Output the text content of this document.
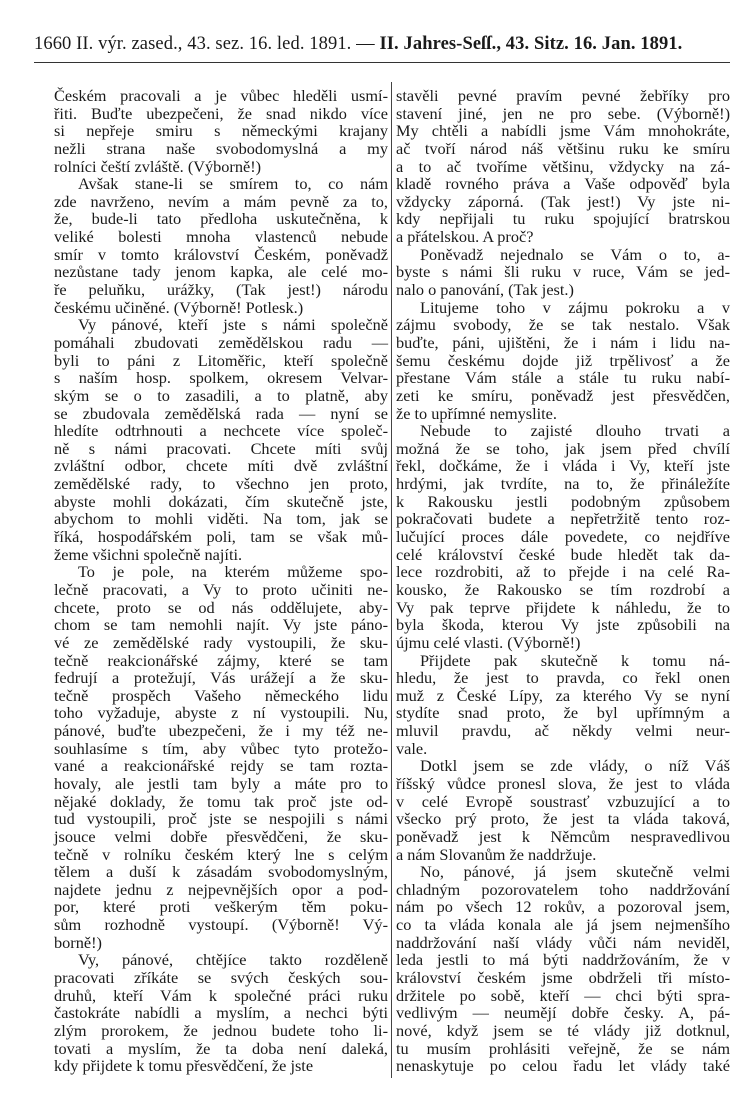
1660 II. výr. zased., 43. sez. 16. led. 1891. — II. Jahres-Seſſ., 43. Sitz. 16. Jan. 1891.
Českém pracovali a je vůbec hleděli usmí-
řiti. Buďte ubezpečeni, že snad nikdo více
si nepřeje smiru s německými krajany
nežli strana naše svobodomyslná a my
rolníci čeští zvláště. (Výborně!)
Avšak stane-li se smírem to, co nám
zde navrženo, nevím a mám pevně za to,
že, bude-li tato předloha uskutečněna, k
veliké bolesti mnoha vlastenců nebude
smír v tomto království Českém, poněvadž
nezůstane tady jenom kapka, ale celé mo-
ře peluňku, urážky, (Tak jest!) národu
českému učiněné. (Výborně! Potlesk.)
Vy pánové, kteří jste s námi společně
pomáhali zbudovati zemědělskou radu —
byli to páni z Litoměřic, kteří společně
s naším hosp. spolkem, okresem Velvar-
ským se o to zasadili, a to platně, aby
se zbudovala zemědělská rada — nyní se
hledíte odtrhnouti a nechcete více společ-
ně s námi pracovati. Chcete míti svůj
zvláštní odbor, chcete míti dvě zvláštní
zemědělské rady, to všechno jen proto,
abyste mohli dokázati, čím skutečně jste,
abychom to mohli viděti. Na tom, jak se
říká, hospodářském poli, tam se však mů-
žeme všichni společně najíti.
To je pole, na kterém můžeme spo-
lečně pracovati, a Vy to proto učiniti ne-
chcete, proto se od nás oddělujete, aby-
chom se tam nemohli najít. Vy jste páno-
vé ze zemědělské rady vystoupili, že sku-
tečně reakcionářské zájmy, které se tam
fedrují a protežují, Vás urážejí a že sku-
tečně prospěch Vašeho německého lidu
toho vyžaduje, abyste z ní vystoupili. Nu,
pánové, buďte ubezpečeni, že i my též ne-
souhlasíme s tím, aby vůbec tyto protežo-
vané a reakcionářské rejdy se tam rozta-
hovaly, ale jestli tam byly a máte pro to
nějaké doklady, že tomu tak proč jste od-
tud vystoupili, proč jste se nespojili s námi
jsouce velmi dobře přesvědčeni, že sku-
tečně v rolníku českém který lne s celým
tělem a duší k zásadám svobodomyslným,
najdete jednu z nejpevnějších opor a pod-
por, které proti veškerým těm poku-
sům rozhodně vystoupí. (Výborně! Vý-
borně!)
Vy, pánové, chtějíce takto rozděleně
pracovati zříkáte se svých českých sou-
druhů, kteří Vám k společné práci ruku
častokráte nabídli a myslím, a nechci býti
zlým prorokem, že jednou budete toho li-
tovati a myslím, že ta doba není daleká,
kdy přijdete k tomu přesvědčení, že jste
stavěli pevné pravím pevné žebříky pro
stavení jiné, jen ne pro sebe. (Výborně!)
My chtěli a nabídli jsme Vám mnohokráte,
ač tvoří národ náš většinu ruku ke smíru
a to ač tvoříme většinu, vždycky na zá-
kladě rovného práva a Vaše odpověď byla
vždycky záporná. (Tak jest!) Vy jste ni-
kdy nepřijali tu ruku spojující bratrskou
a přátelskou. A proč?
Poněvadž nejednalo se Vám o to, a-
byste s námi šli ruku v ruce, Vám se jed-
nalo o panování, (Tak jest.)
Litujeme toho v zájmu pokroku a v
zájmu svobody, že se tak nestalo. Však
buďte, páni, ujištěni, že i nám i lidu na-
šemu českému dojde již trpělivosť a že
přestane Vám stále a stále tu ruku nabí-
zeti ke smíru, poněvadž jest přesvědčen,
že to upřímné nemyslite.
Nebude to zajisté dlouho trvati a
možná že se toho, jak jsem před chvílí
řekl, dočkáme, že i vláda i Vy, kteří jste
hrdými, jak tvrdíte, na to, že přináležíte
k Rakousku jestli podobným způsobem
pokračovati budete a nepřetržitě tento roz-
lučující proces dále povedete, co nejdříve
celé království české bude hledět tak da-
lece rozdrobiti, až to přejde i na celé Ra-
kousko, že Rakousko se tím rozdrobí a
Vy pak teprve přijdete k náhledu, že to
byla škoda, kterou Vy jste způsobili na
újmu celé vlasti. (Výborně!)
Přijdete pak skutečně k tomu ná-
hledu, že jest to pravda, co řekl onen
muž z České Lípy, za kterého Vy se nyní
stydíte snad proto, že byl upřímným a
mluvil pravdu, ač někdy velmi neur-
vale.
Dotkl jsem se zde vlády, o níž Váš
říšský vůdce pronesl slova, že jest to vláda
v celé Evropě soustrasť vzbuzující a to
všecko prý proto, že jest ta vláda taková,
poněvadž jest k Němcům nespravedlivou
a nám Slovanům že naddržuje.
No, pánové, já jsem skutečně velmi
chladným pozorovatelem toho naddržování
nám po všech 12 rokův, a pozoroval jsem,
co ta vláda konala ale já jsem nejmenšího
naddržování naší vlády vůči nám neviděl,
leda jestli to má býti naddržováním, že v
království českém jsme obdrželi tři místo-
držitele po sobě, kteří — chci býti spra-
vedlivým — neumějí dobře česky. A, pá-
nové, když jsem se té vlády již dotknul,
tu musím prohlásiti veřejně, že se nám
nenaskytuje po celou řadu let vlády také
